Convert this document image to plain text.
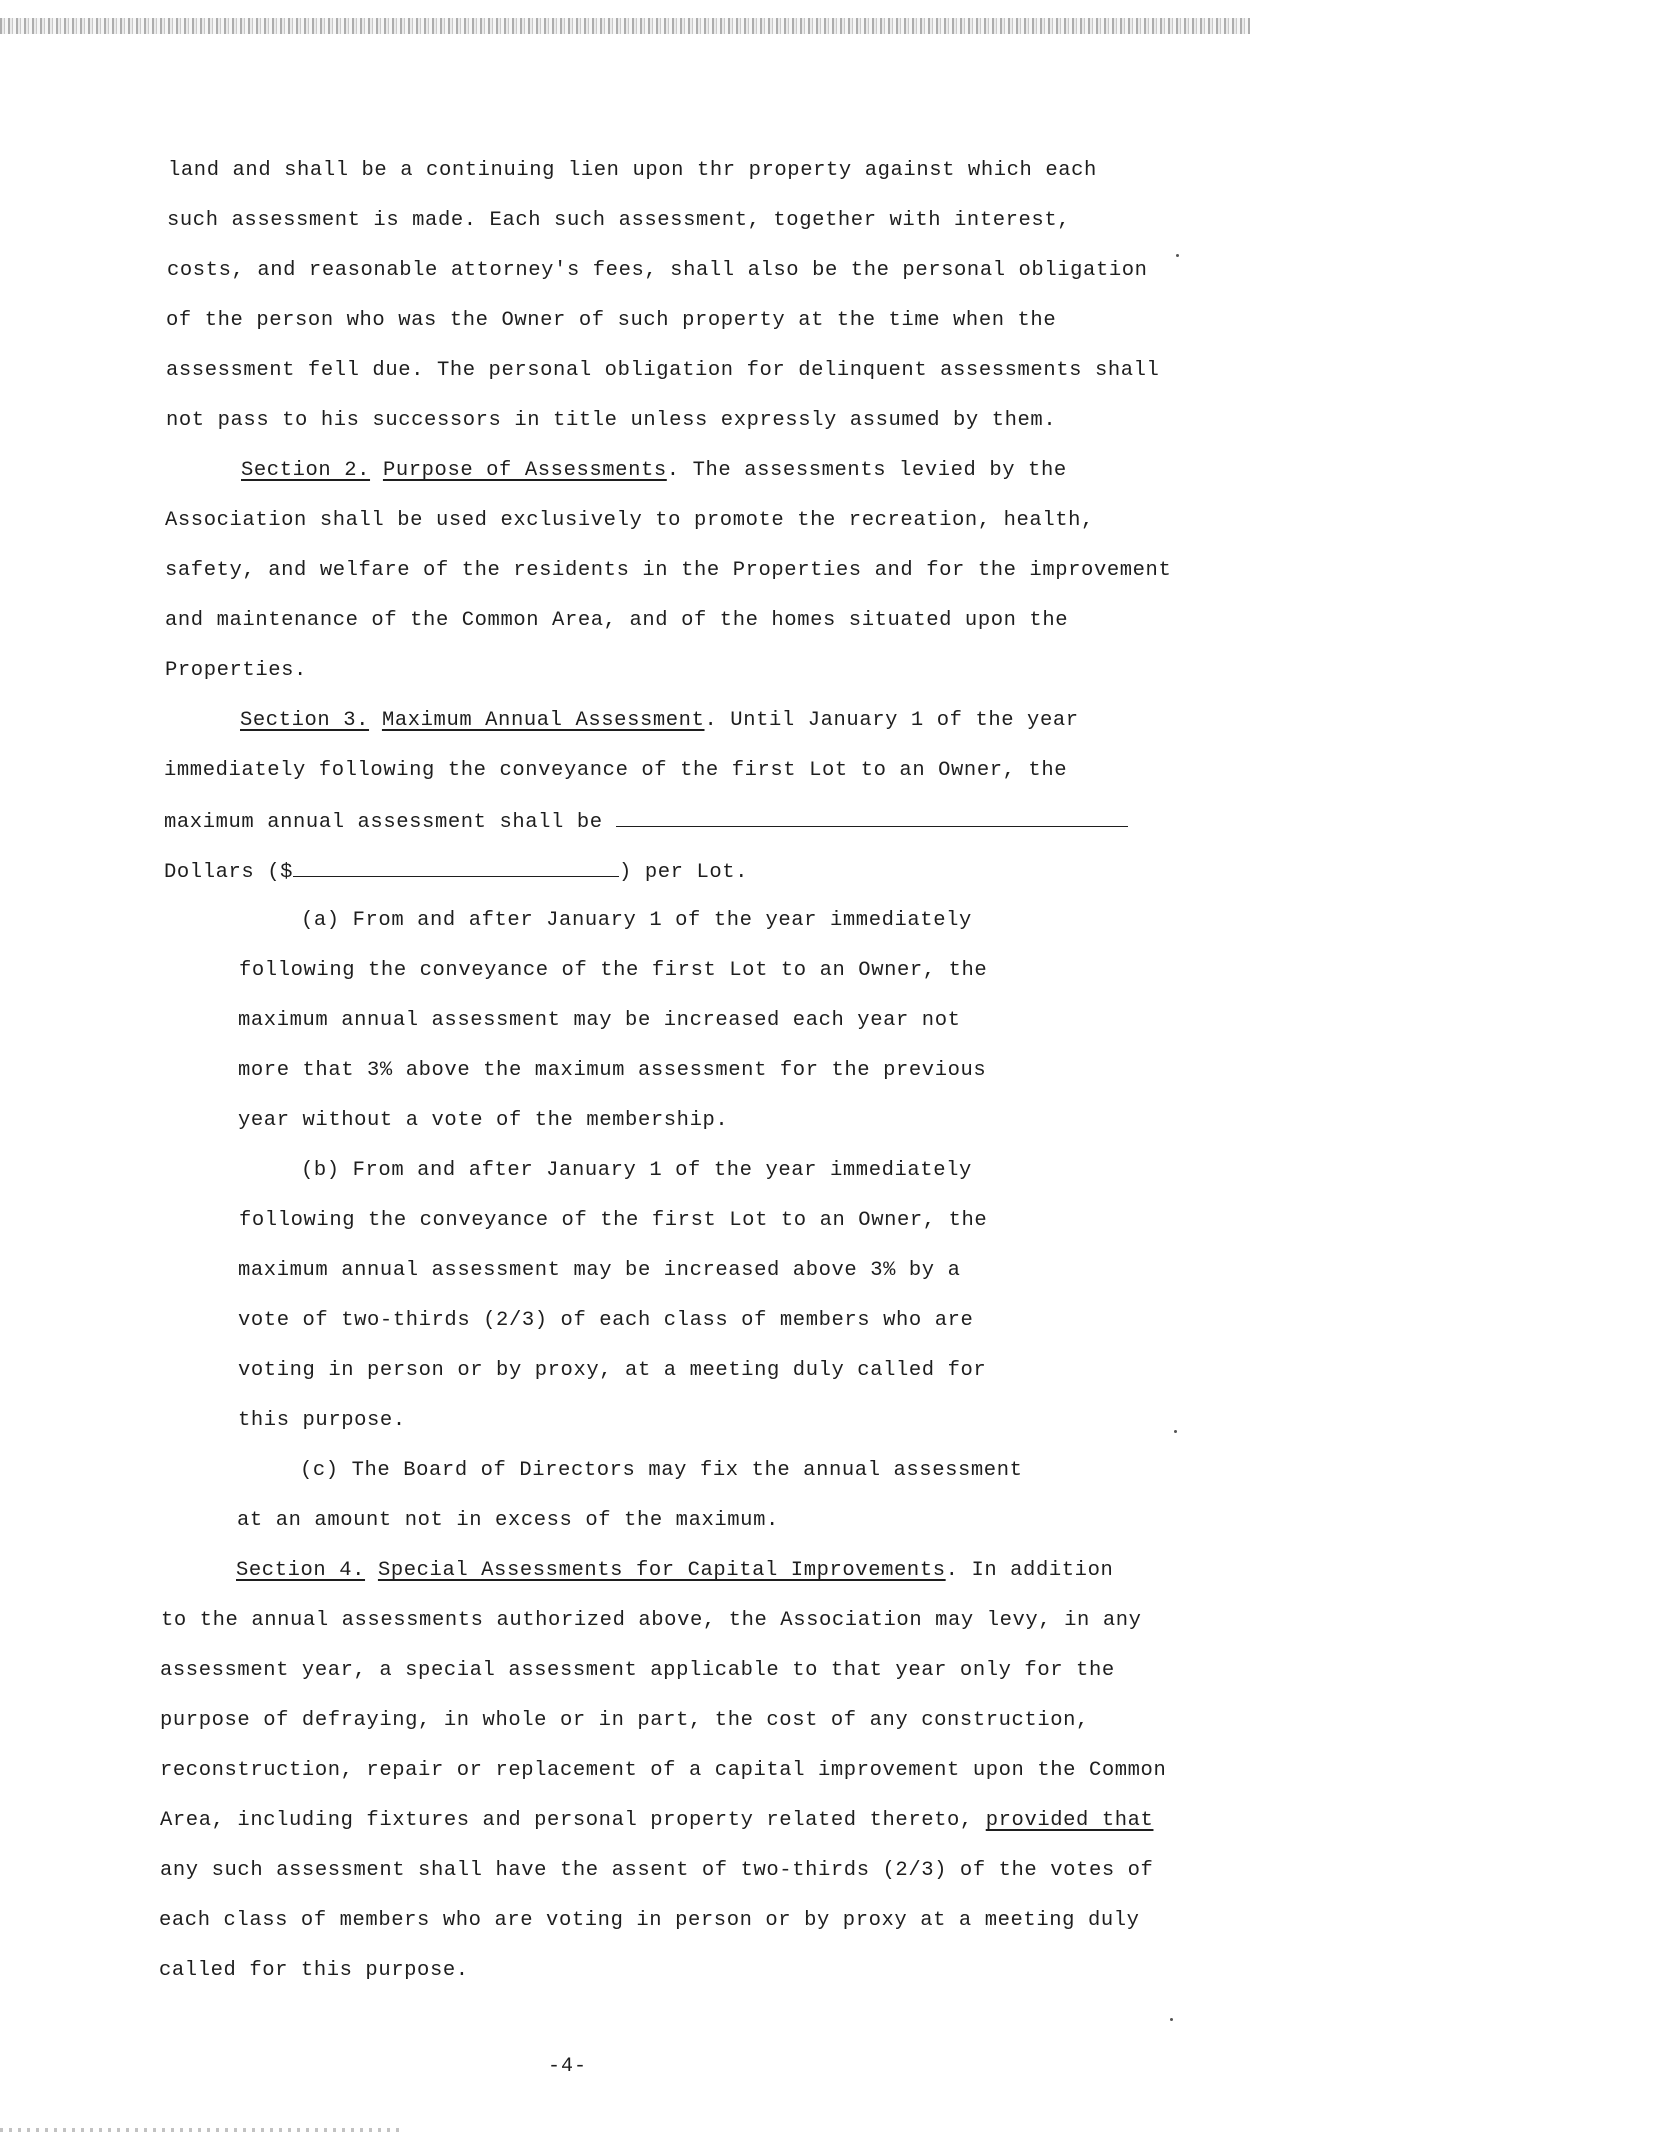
land and shall be a continuing lien upon thr property against which each
such assessment is made. Each such assessment, together with interest,
costs, and reasonable attorney's fees, shall also be the personal obligation
of the person who was the Owner of such property at the time when the
assessment fell due. The personal obligation for delinquent assessments shall
not pass to his successors in title unless expressly assumed by them.
Section 2. Purpose of Assessments. The assessments levied by the
Association shall be used exclusively to promote the recreation, health,
safety, and welfare of the residents in the Properties and for the improvement
and maintenance of the Common Area, and of the homes situated upon the
Properties.
Section 3. Maximum Annual Assessment. Until January 1 of the year
immediately following the conveyance of the first Lot to an Owner, the
maximum annual assessment shall be
Dollars ($	) per Lot.
(a) From and after January 1 of the year immediately
following the conveyance of the first Lot to an Owner, the
maximum annual assessment may be increased each year not
more that 3% above the maximum assessment for the previous
year without a vote of the membership.
(b) From and after January 1 of the year immediately
following the conveyance of the first Lot to an Owner, the
maximum annual assessment may be increased above 3% by a
vote of two-thirds (2/3) of each class of members who are
voting in person or by proxy, at a meeting duly called for
this purpose.
(c) The Board of Directors may fix the annual assessment
at an amount not in excess of the maximum.
Section 4. Special Assessments for Capital Improvements. In addition
to the annual assessments authorized above, the Association may levy, in any
assessment year, a special assessment applicable to that year only for the
purpose of defraying, in whole or in part, the cost of any construction,
reconstruction, repair or replacement of a capital improvement upon the Common
Area, including fixtures and personal property related thereto, provided that
any such assessment shall have the assent of two-thirds (2/3) of the votes of
each class of members who are voting in person or by proxy at a meeting duly
called for this purpose.
-4-
